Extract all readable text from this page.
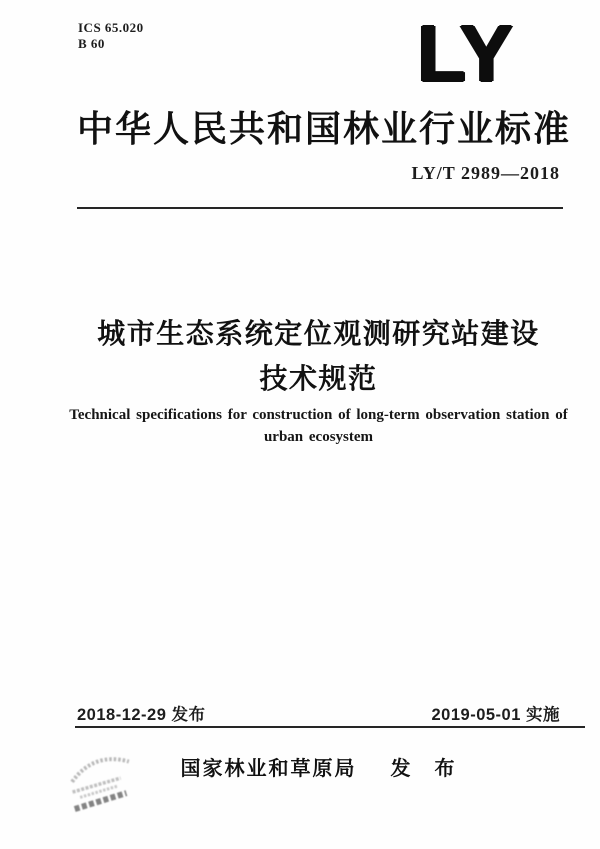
ICS 65.020
B 60	LY
中华人民共和国林业行业标准
LY/T 2989—2018
城市生态系统定位观测研究站建设
技术规范
Technical specifications for construction of long-term observation station of
urban ecosystem
2018-12-29 发布	2019-05-01 实施
国家林业和草原局 发　布
